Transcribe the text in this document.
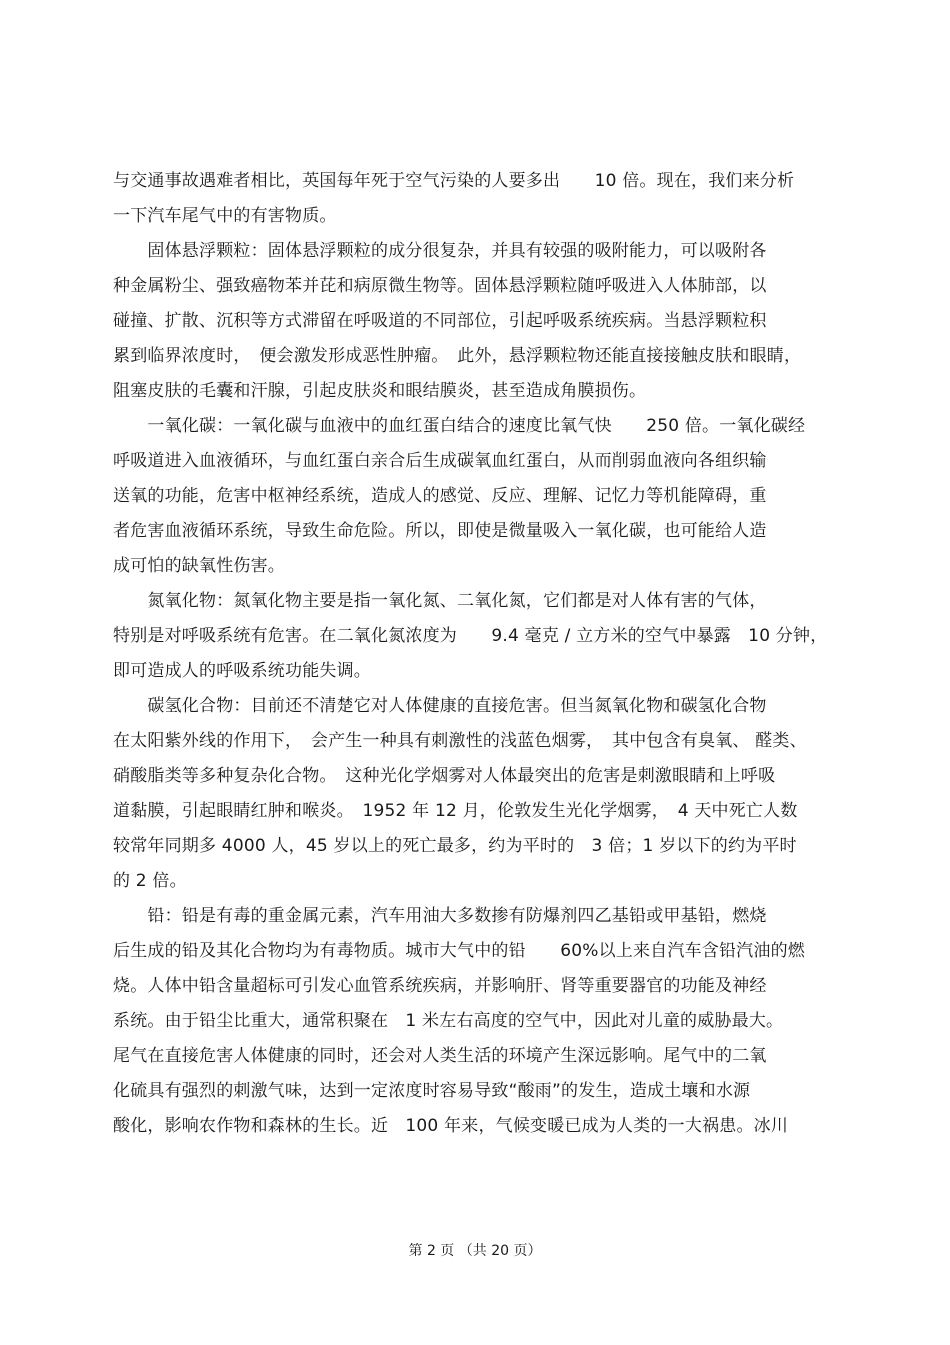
与交通事故遇难者相比，英国每年死于空气污染的人要多出　　10 倍。现在，我们来分析
一下汽车尾气中的有害物质。
　　固体悬浮颗粒：固体悬浮颗粒的成分很复杂，并具有较强的吸附能力，可以吸附各
种金属粉尘、强致癌物苯并芘和病原微生物等。固体悬浮颗粒随呼吸进入人体肺部，以
碰撞、扩散、沉积等方式滞留在呼吸道的不同部位，引起呼吸系统疾病。当悬浮颗粒积
累到临界浓度时，　便会激发形成恶性肿瘤。　此外，悬浮颗粒物还能直接接触皮肤和眼睛，
阻塞皮肤的毛囊和汗腺，引起皮肤炎和眼结膜炎，甚至造成角膜损伤。
　　一氧化碳：一氧化碳与血液中的血红蛋白结合的速度比氧气快　　250 倍。一氧化碳经
呼吸道进入血液循环，与血红蛋白亲合后生成碳氧血红蛋白，从而削弱血液向各组织输
送氧的功能，危害中枢神经系统，造成人的感觉、反应、理解、记忆力等机能障碍，重
者危害血液循环系统，导致生命危险。所以，即使是微量吸入一氧化碳，也可能给人造
成可怕的缺氧性伤害。
　　氮氧化物：氮氧化物主要是指一氧化氮、二氧化氮，它们都是对人体有害的气体，
特别是对呼吸系统有危害。在二氧化氮浓度为　　9.4 毫克 / 立方米的空气中暴露　10 分钟，
即可造成人的呼吸系统功能失调。
　　碳氢化合物：目前还不清楚它对人体健康的直接危害。但当氮氧化物和碳氢化合物
在太阳紫外线的作用下，　会产生一种具有刺激性的浅蓝色烟雾，　其中包含有臭氧、 醛类、
硝酸脂类等多种复杂化合物。　这种光化学烟雾对人体最突出的危害是刺激眼睛和上呼吸
道黏膜，引起眼睛红肿和喉炎。　1952 年 12 月，伦敦发生光化学烟雾，　4 天中死亡人数
较常年同期多 4000 人，45 岁以上的死亡最多，约为平时的　3 倍；1 岁以下的约为平时
的 2 倍。
　　铅：铅是有毒的重金属元素，汽车用油大多数掺有防爆剂四乙基铅或甲基铅，燃烧
后生成的铅及其化合物均为有毒物质。城市大气中的铅　　60%以上来自汽车含铅汽油的燃
烧。人体中铅含量超标可引发心血管系统疾病，并影响肝、肾等重要器官的功能及神经
系统。由于铅尘比重大，通常积聚在　1 米左右高度的空气中，因此对儿童的威胁最大。
尾气在直接危害人体健康的同时，还会对人类生活的环境产生深远影响。尾气中的二氧
化硫具有强烈的刺激气味，达到一定浓度时容易导致“酸雨”的发生，造成土壤和水源
酸化，影响农作物和森林的生长。近　100 年来，气候变暖已成为人类的一大祸患。冰川
第 2 页 （共 20 页）
